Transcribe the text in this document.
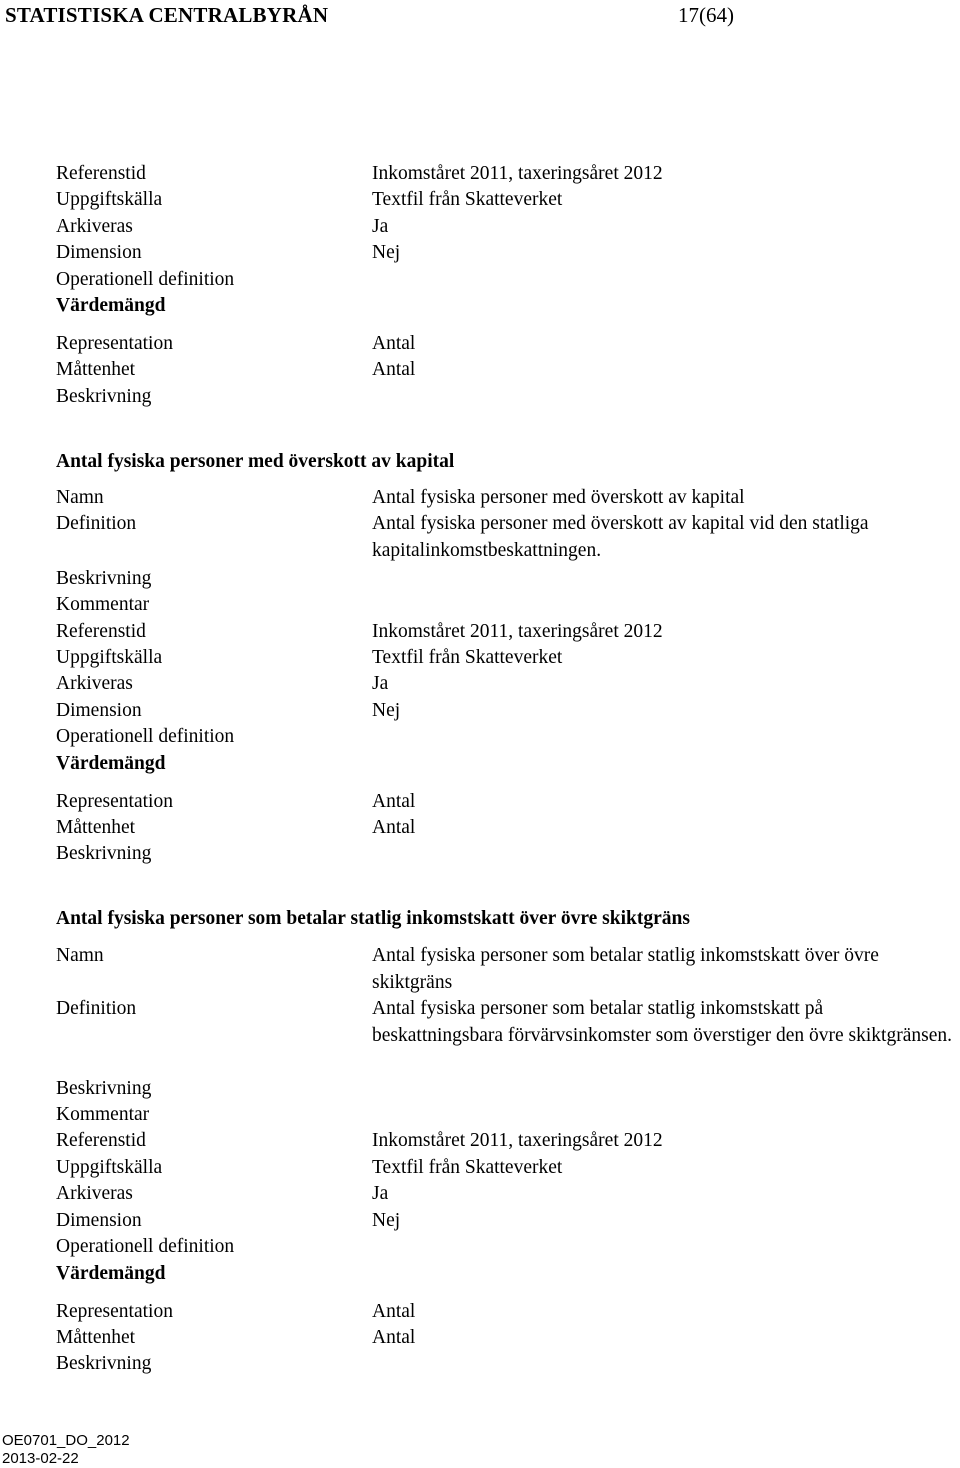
STATISTISKA CENTRALBYRÅN	17(64)
Referenstid	Inkomståret 2011, taxeringsåret 2012
Uppgiftskälla	Textfil från Skatteverket
Arkiveras	Ja
Dimension	Nej
Operationell definition
Värdemängd
Representation	Antal
Måttenhet	Antal
Beskrivning
Antal fysiska personer med överskott av kapital
Namn	Antal fysiska personer med överskott av kapital
Definition	Antal fysiska personer med överskott av kapital vid den statliga kapitalinkomstbeskattningen.
Beskrivning
Kommentar
Referenstid	Inkomståret 2011, taxeringsåret 2012
Uppgiftskälla	Textfil från Skatteverket
Arkiveras	Ja
Dimension	Nej
Operationell definition
Värdemängd
Representation	Antal
Måttenhet	Antal
Beskrivning
Antal fysiska personer som betalar statlig inkomstskatt över övre skiktgräns
Namn	Antal fysiska personer som betalar statlig inkomstskatt över övre skiktgräns
Definition	Antal fysiska personer som betalar statlig inkomstskatt på beskattningsbara förvärvsinkomster som överstiger den övre skiktgränsen.
Beskrivning
Kommentar
Referenstid	Inkomståret 2011, taxeringsåret 2012
Uppgiftskälla	Textfil från Skatteverket
Arkiveras	Ja
Dimension	Nej
Operationell definition
Värdemängd
Representation	Antal
Måttenhet	Antal
Beskrivning
OE0701_DO_2012
2013-02-22
